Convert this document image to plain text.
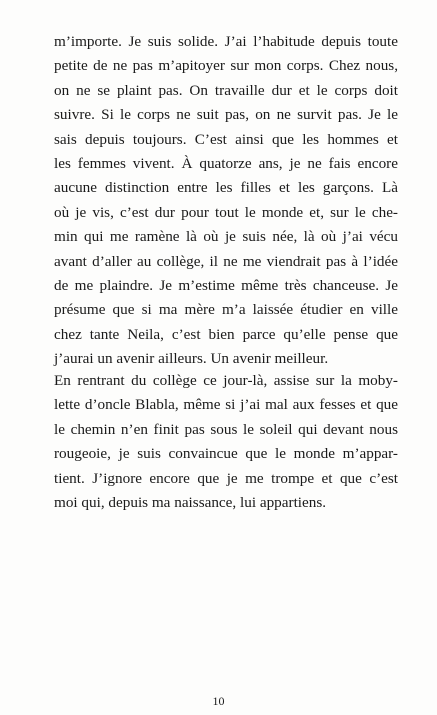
m’importe. Je suis solide. J’ai l’habitude depuis toute
petite de ne pas m’apitoyer sur mon corps. Chez nous,
on ne se plaint pas. On travaille dur et le corps doit
suivre. Si le corps ne suit pas, on ne survit pas. Je le
sais depuis toujours. C’est ainsi que les hommes et
les femmes vivent. À quatorze ans, je ne fais encore
aucune distinction entre les filles et les garçons. Là
où je vis, c’est dur pour tout le monde et, sur le che-
min qui me ramène là où je suis née, là où j’ai vécu
avant d’aller au collège, il ne me viendrait pas à l’idée
de me plaindre. Je m’estime même très chanceuse. Je
présume que si ma mère m’a laissée étudier en ville
chez tante Neila, c’est bien parce qu’elle pense que
j’aurai un avenir ailleurs. Un avenir meilleur.
En rentrant du collège ce jour-là, assise sur la moby-
lette d’oncle Blabla, même si j’ai mal aux fesses et que
le chemin n’en finit pas sous le soleil qui devant nous
rougeoie, je suis convaincue que le monde m’appar-
tient. J’ignore encore que je me trompe et que c’est
moi qui, depuis ma naissance, lui appartiens.
10
